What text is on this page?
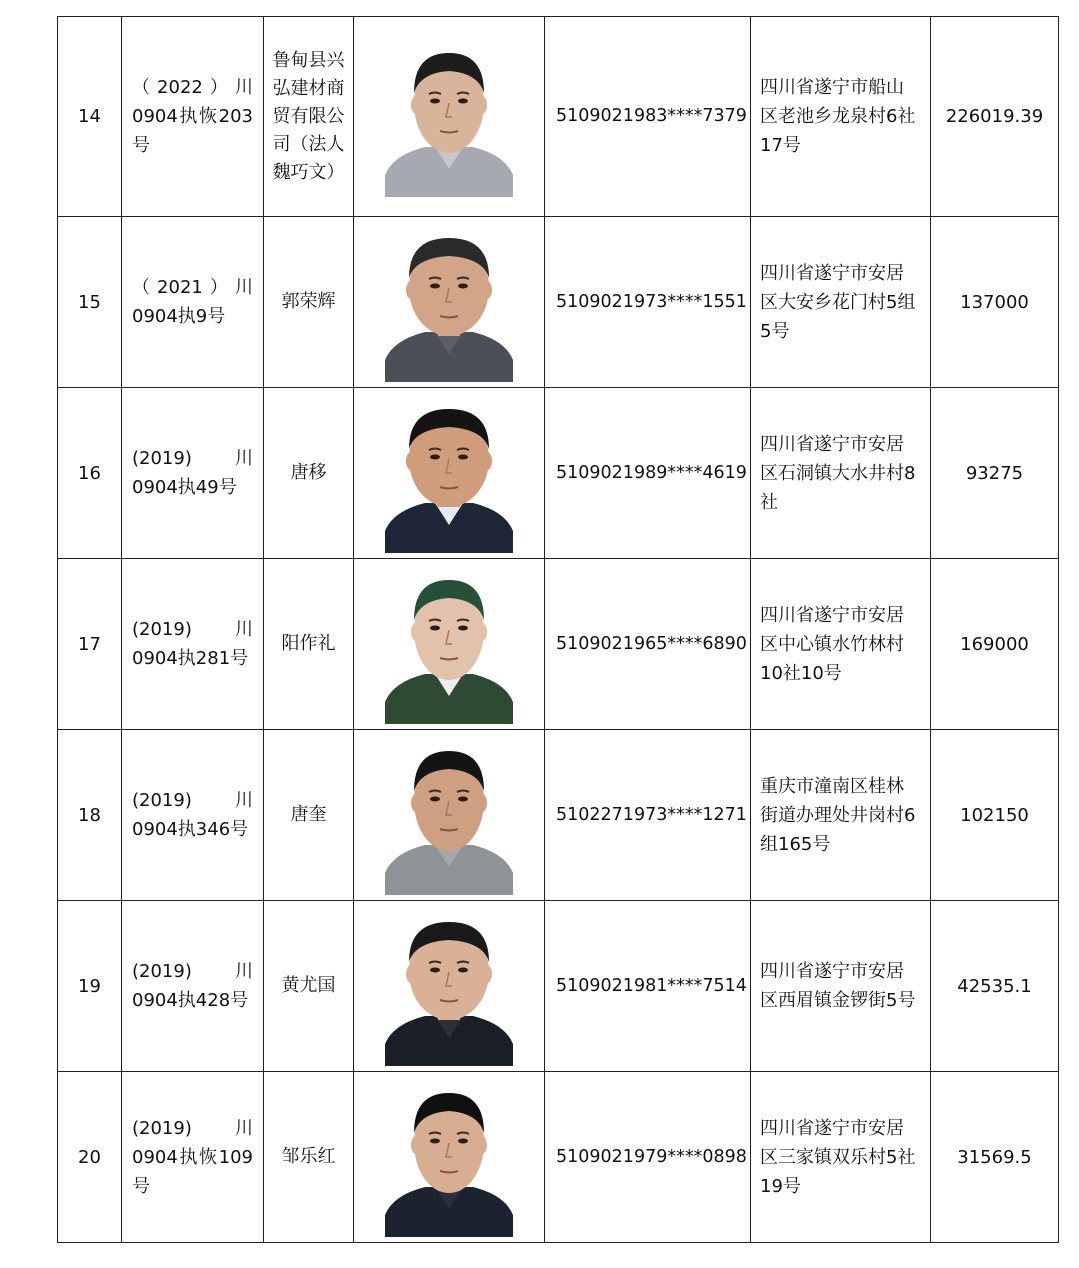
14	（2022）川0904执恢203号	鲁甸县兴弘建材商贸有限公司（法人魏巧文）		5109021983****7379	四川省遂宁市船山区老池乡龙泉村6社17号	226019.39
15	（2021）川0904执9号	郭荣辉		5109021973****1551	四川省遂宁市安居区大安乡花门村5组5号	137000
16	(2019)川0904执49号	唐移		5109021989****4619	四川省遂宁市安居区石洞镇大水井村8社	93275
17	(2019)川0904执281号	阳作礼		5109021965****6890	四川省遂宁市安居区中心镇水竹林村10社10号	169000
18	(2019)川0904执346号	唐奎		5102271973****1271	重庆市潼南区桂林街道办理处井岗村6组165号	102150
19	(2019)川0904执428号	黄尤国		5109021981****7514	四川省遂宁市安居区西眉镇金锣街5号	42535.1
20	(2019)川0904执恢109号	邹乐红		5109021979****0898	四川省遂宁市安居区三家镇双乐村5社19号	31569.5
